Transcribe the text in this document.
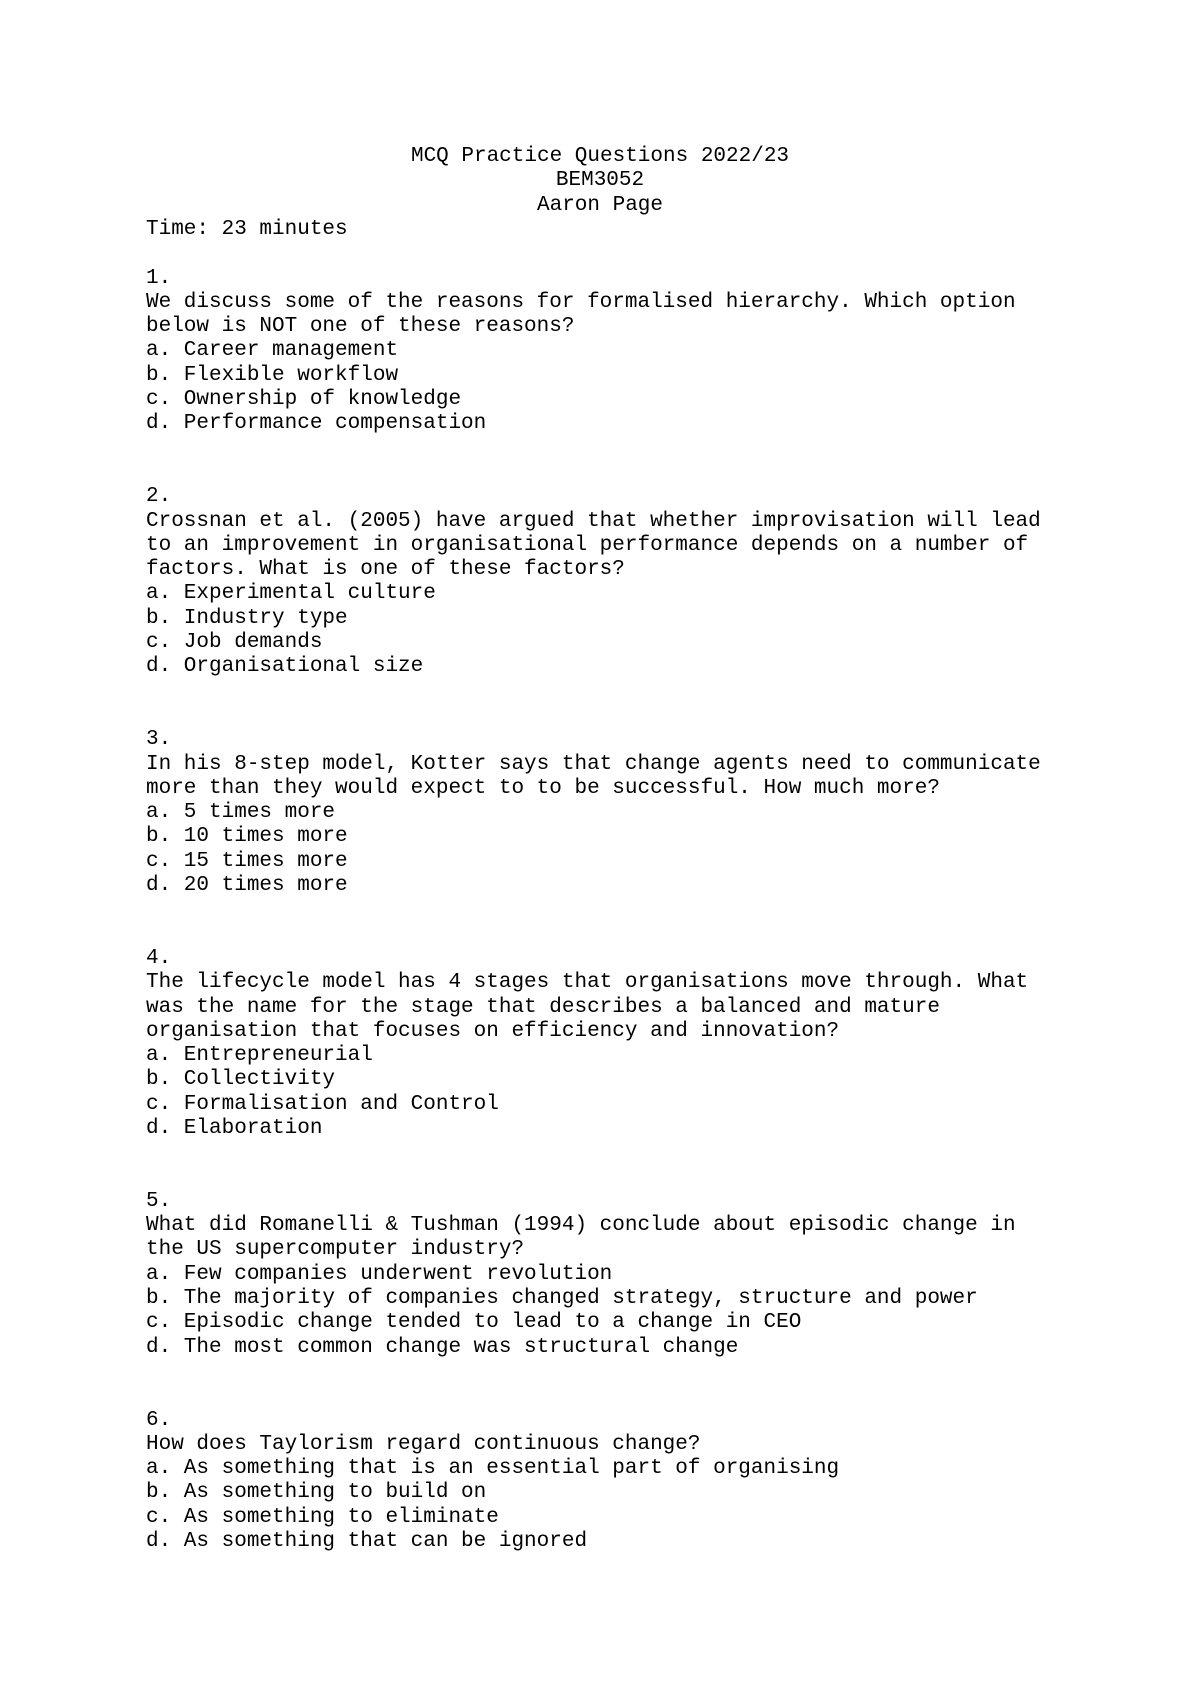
MCQ Practice Questions 2022/23
BEM3052
Aaron Page
Time: 23 minutes
1.
We discuss some of the reasons for formalised hierarchy. Which option
below is NOT one of these reasons?
a. Career management
b. Flexible workflow
c. Ownership of knowledge
d. Performance compensation
2.
Crossnan et al. (2005) have argued that whether improvisation will lead
to an improvement in organisational performance depends on a number of
factors. What is one of these factors?
a. Experimental culture
b. Industry type
c. Job demands
d. Organisational size
3.
In his 8-step model, Kotter says that change agents need to communicate
more than they would expect to to be successful. How much more?
a. 5 times more
b. 10 times more
c. 15 times more
d. 20 times more
4.
The lifecycle model has 4 stages that organisations move through. What
was the name for the stage that describes a balanced and mature
organisation that focuses on efficiency and innovation?
a. Entrepreneurial
b. Collectivity
c. Formalisation and Control
d. Elaboration
5.
What did Romanelli & Tushman (1994) conclude about episodic change in
the US supercomputer industry?
a. Few companies underwent revolution
b. The majority of companies changed strategy, structure and power
c. Episodic change tended to lead to a change in CEO
d. The most common change was structural change
6.
How does Taylorism regard continuous change?
a. As something that is an essential part of organising
b. As something to build on
c. As something to eliminate
d. As something that can be ignored
